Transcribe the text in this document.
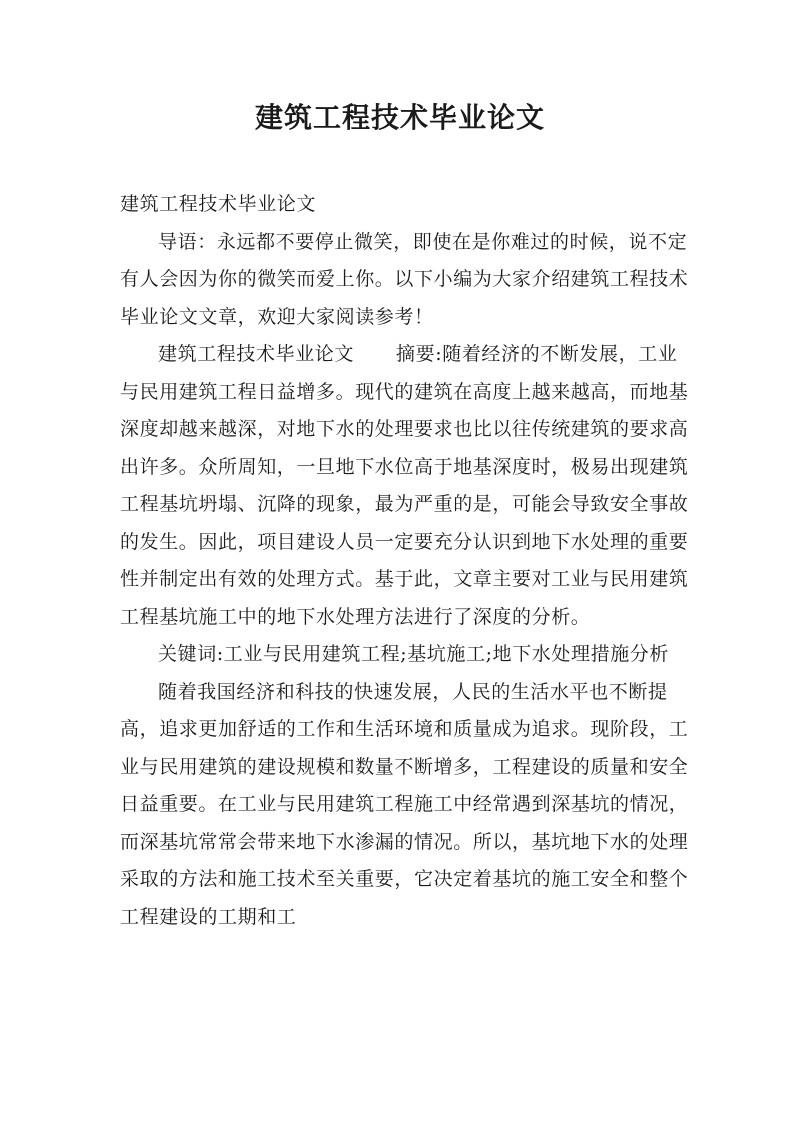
建筑工程技术毕业论文

建筑工程技术毕业论文

导语：永远都不要停止微笑，即使在是你难过的时候，说不定有人会因为你的微笑而爱上你。以下小编为大家介绍建筑工程技术毕业论文文章，欢迎大家阅读参考！

建筑工程技术毕业论文 摘要:随着经济的不断发展，工业与民用建筑工程日益增多。现代的建筑在高度上越来越高，而地基深度却越来越深，对地下水的处理要求也比以往传统建筑的要求高出许多。众所周知，一旦地下水位高于地基深度时，极易出现建筑工程基坑坍塌、沉降的现象，最为严重的是，可能会导致安全事故的发生。因此，项目建设人员一定要充分认识到地下水处理的重要性并制定出有效的处理方式。基于此，文章主要对工业与民用建筑工程基坑施工中的地下水处理方法进行了深度的分析。

关键词:工业与民用建筑工程;基坑施工;地下水处理措施分析

随着我国经济和科技的快速发展，人民的生活水平也不断提高，追求更加舒适的工作和生活环境和质量成为追求。现阶段，工业与民用建筑的建设规模和数量不断增多，工程建设的质量和安全日益重要。在工业与民用建筑工程施工中经常遇到深基坑的情况，而深基坑常常会带来地下水渗漏的情况。所以，基坑地下水的处理采取的方法和施工技术至关重要，它决定着基坑的施工安全和整个工程建设的工期和工
